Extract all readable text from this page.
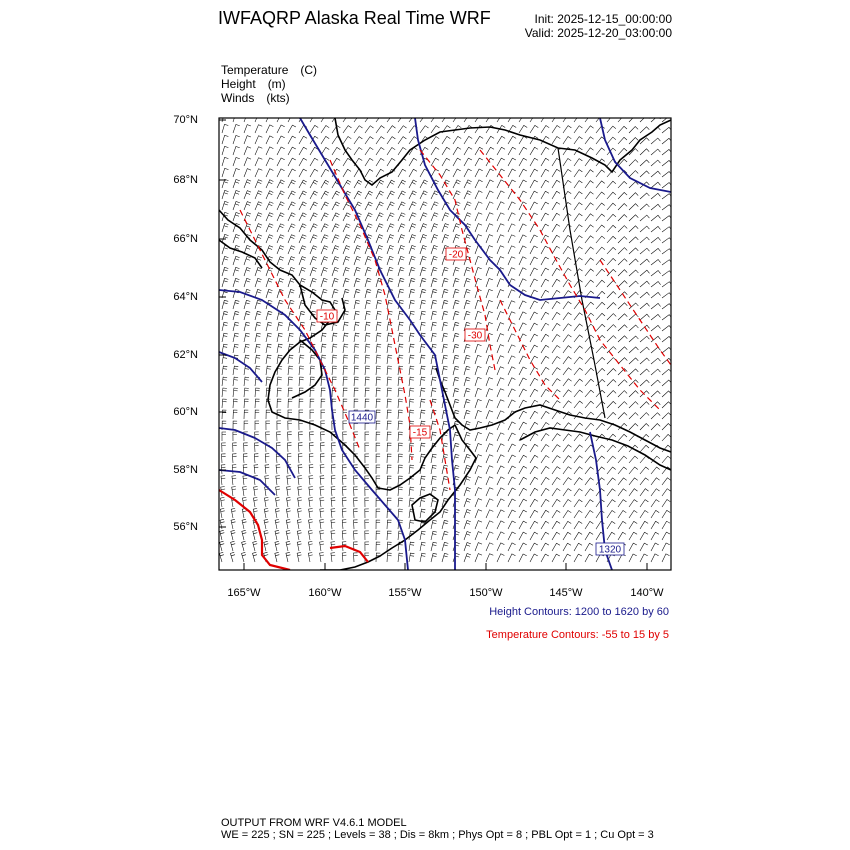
IWFAQRP Alaska Real Time WRF	Init: 2025-12-15_00:00:00
Valid: 2025-12-20_03:00:00
Temperature (C)
Height (m)
Winds (kts)
1440
1320
-20
-10
-30
-15
70°N
68°N
66°N
64°N
62°N
60°N
58°N
56°N
165°W	160°W	155°W	150°W	145°W	140°W
Height Contours: 1200 to 1620 by 60
Temperature Contours: -55 to 15 by 5
OUTPUT FROM WRF V4.6.1 MODEL
WE = 225 ; SN = 225 ; Levels = 38 ; Dis = 8km ; Phys Opt = 8 ; PBL Opt = 1 ; Cu Opt = 3
